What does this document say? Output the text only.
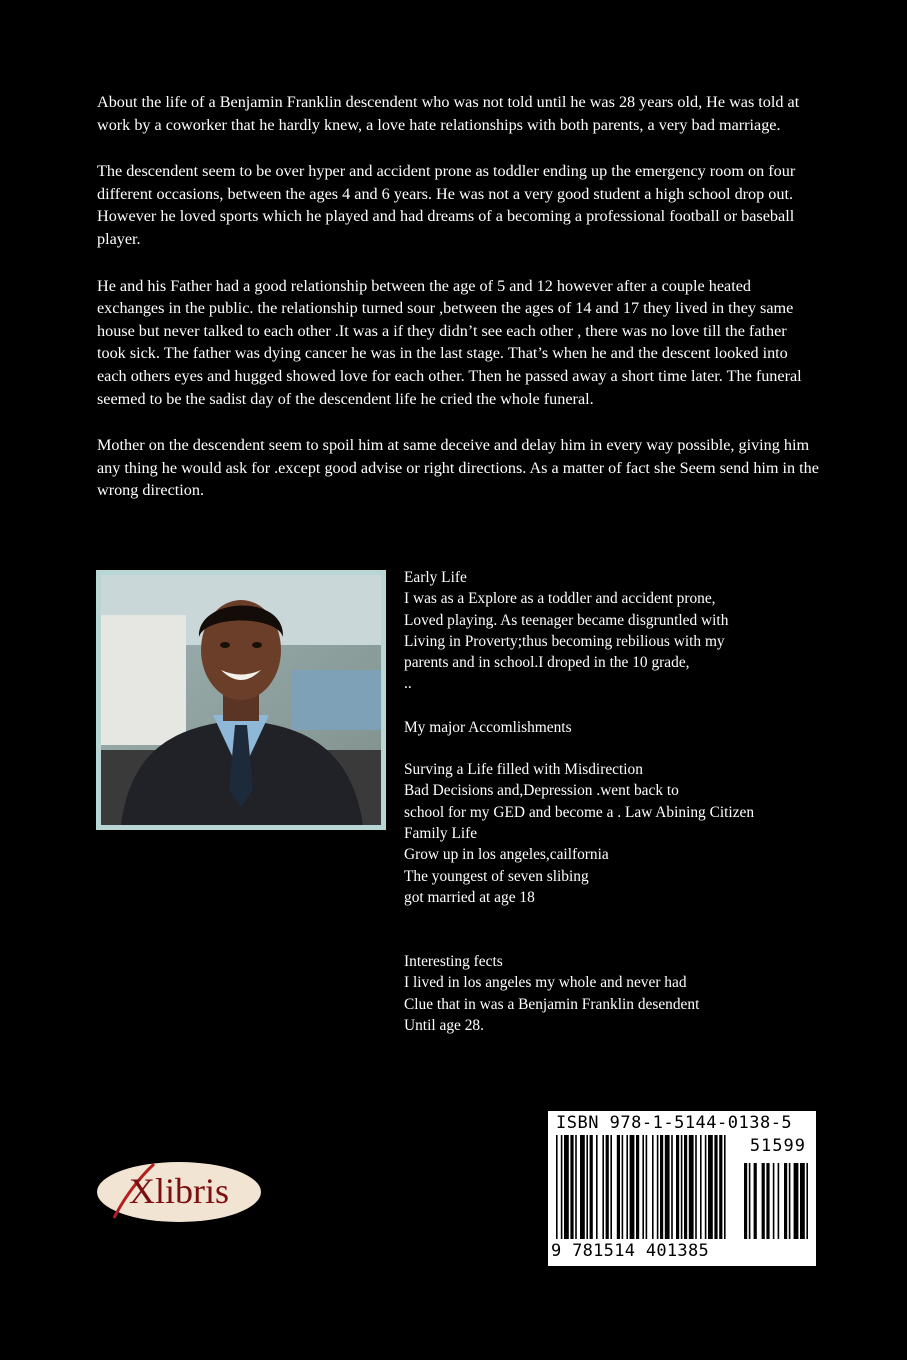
About the life of a Benjamin Franklin descendent who was not told until he was 28 years old, He was told at work by a coworker that he hardly knew, a love hate relationships with both parents, a very bad marriage.

The descendent seem to be over hyper and accident prone as toddler ending up the emergency room on four different occasions, between the ages 4 and 6 years. He was not a very good student a high school drop out. However he loved sports which he played and had dreams of a becoming a professional football or baseball player.

He and his Father had a good relationship between the age of 5 and 12 however after a couple heated exchanges in the public. the relationship turned sour ,between the ages of 14 and 17 they lived in they same house but never talked to each other .It was a if they didn’t see each other , there was no love till the father took sick. The father was dying cancer he was in the last stage. That’s when he and the descent looked into each others eyes and hugged showed love for each other. Then he passed away a short time later. The funeral seemed to be the sadist day of the descendent life he cried the whole funeral.

Mother on the descendent seem to spoil him at same deceive and delay him in every way possible, giving him any thing he would ask for .except good advise or right directions. As a matter of fact she Seem send him in the wrong direction.

Early Life
I was as a Explore as a toddler and accident prone,
Loved playing. As teenager became disgruntled with
Living in Proverty;thus becoming rebilious with my
parents and in school.I droped in the 10 grade,
..
My major Accomlishments
Surving a Life filled with Misdirection
Bad Decisions and,Depression .went back to
school for my GED and become a . Law Abining Citizen
Family Life
Grow up in los angeles,cailfornia
The youngest of seven slibing
got married at age 18
Interesting fects
I lived in los angeles my whole and never had
Clue that in was a Benjamin Franklin desendent
Until age 28.
Xlibris
ISBN 978-1-5144-0138-5
51599
9 781514 401385
